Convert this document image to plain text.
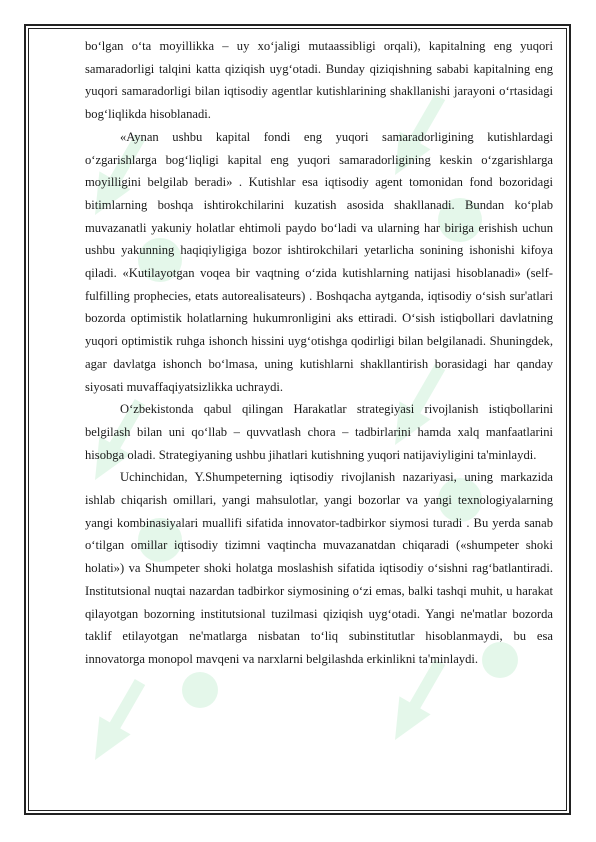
boʻlgan oʻta moyillikka – uy xoʻjaligi mutaassibligi orqali), kapitalning eng yuqori samaradorligi talqini katta qiziqish uygʻotadi. Bunday qiziqishning sababi kapitalning eng yuqori samaradorligi bilan iqtisodiy agentlar kutishlarining shakllanishi jarayoni oʻrtasidagi bogʻliqlikda hisoblanadi.

«Aynan ushbu kapital fondi eng yuqori samaradorligining kutishlardagi oʻzgarishlarga bogʻliqligi kapital eng yuqori samaradorligining keskin oʻzgarishlarga moyilligini belgilab beradi» . Kutishlar esa iqtisodiy agent tomonidan fond bozoridagi bitimlarning boshqa ishtirokchilarini kuzatish asosida shakllanadi. Bundan koʻplab muvazanatli yakuniy holatlar ehtimoli paydo boʻladi va ularning har biriga erishish uchun ushbu yakunning haqiqiyligiga bozor ishtirokchilari yetarlicha sonining ishonishi kifoya qiladi. «Kutilayotgan voqea bir vaqtning oʻzida kutishlarning natijasi hisoblanadi» (self-fulfilling prophecies, etats autorealisateurs) . Boshqacha aytganda, iqtisodiy oʻsish sur'atlari bozorda optimistik holatlarning hukumronligini aks ettiradi. Oʻsish istiqbollari davlatning yuqori optimistik ruhga ishonch hissini uygʻotishga qodirligi bilan belgilanadi. Shuningdek, agar davlatga ishonch boʻlmasa, uning kutishlarni shakllantirish borasidagi har qanday siyosati muvaffaqiyatsizlikka uchraydi.

Oʻzbekistonda qabul qilingan Harakatlar strategiyasi rivojlanish istiqbollarini belgilash bilan uni qoʻllab – quvvatlash chora – tadbirlarini hamda xalq manfaatlarini hisobga oladi. Strategiyaning ushbu jihatlari kutishning yuqori natijaviyligini ta'minlaydi.

Uchinchidan, Y.Shumpeterning iqtisodiy rivojlanish nazariyasi, uning markazida ishlab chiqarish omillari, yangi mahsulotlar, yangi bozorlar va yangi texnologiyalarning yangi kombinasiyalari muallifi sifatida innovator-tadbirkor siymosi turadi . Bu yerda sanab oʻtilgan omillar iqtisodiy tizimni vaqtincha muvazanatdan chiqaradi («shumpeter shoki holati») va Shumpeter shoki holatga moslashish sifatida iqtisodiy oʻsishni ragʻbatlantiradi. Institutsional nuqtai nazardan tadbirkor siymosining oʻzi emas, balki tashqi muhit, u harakat qilayotgan bozorning institutsional tuzilmasi qiziqish uygʻotadi. Yangi ne'matlar bozorda taklif etilayotgan ne'matlarga nisbatan toʻliq subinstitutlar hisoblanmaydi, bu esa innovatorga monopol mavqeni va narxlarni belgilashda erkinlikni ta'minlaydi.
